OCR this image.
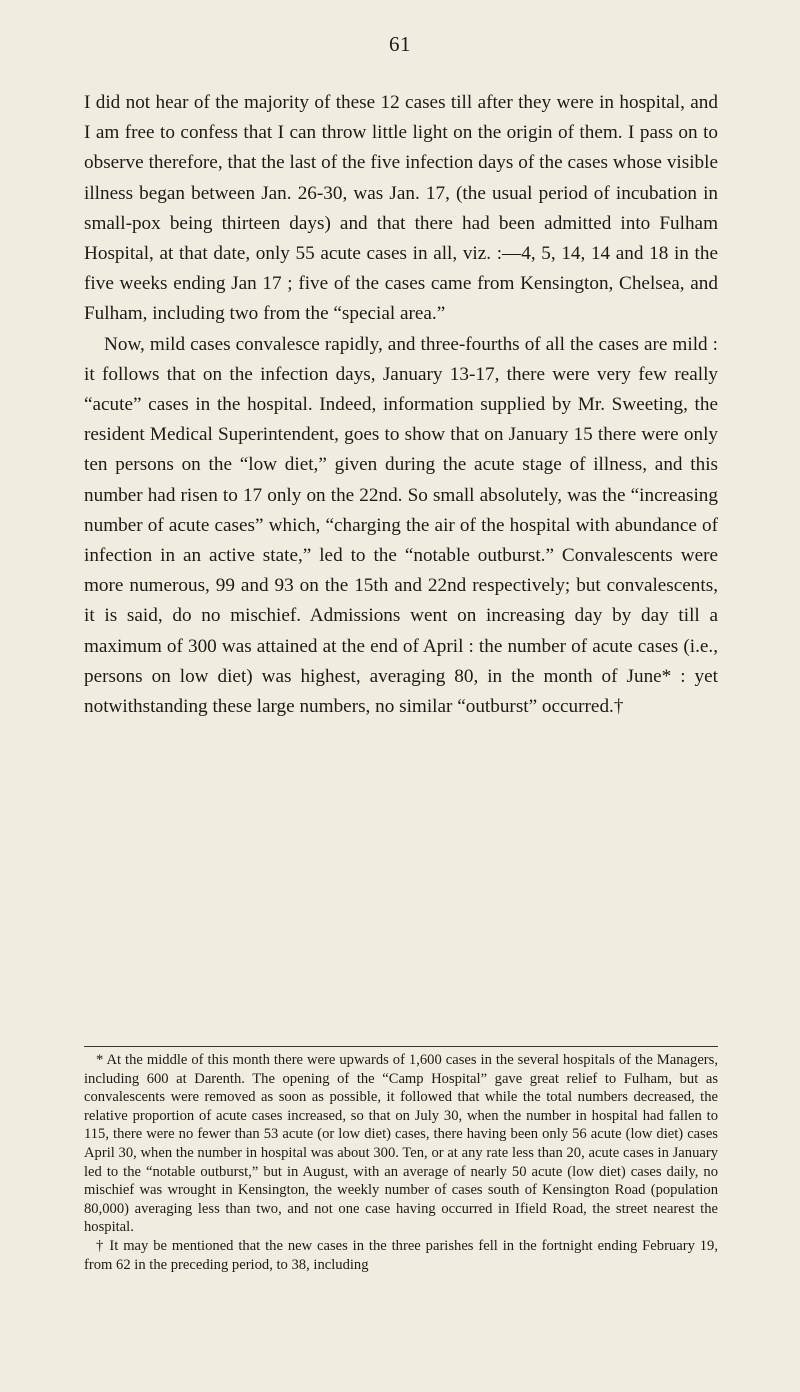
61

I did not hear of the majority of these 12 cases till after they were in hospital, and I am free to confess that I can throw little light on the origin of them. I pass on to observe therefore, that the last of the five infection days of the cases whose visible illness began between Jan. 26-30, was Jan. 17, (the usual period of incubation in small-pox being thirteen days) and that there had been admitted into Fulham Hospital, at that date, only 55 acute cases in all, viz. :—4, 5, 14, 14 and 18 in the five weeks ending Jan 17 ; five of the cases came from Kensington, Chelsea, and Fulham, including two from the “special area.”

Now, mild cases convalesce rapidly, and three-fourths of all the cases are mild : it follows that on the infection days, January 13-17, there were very few really “acute” cases in the hospital. Indeed, information supplied by Mr. Sweeting, the resident Medical Superintendent, goes to show that on January 15 there were only ten persons on the “low diet,” given during the acute stage of illness, and this number had risen to 17 only on the 22nd. So small absolutely, was the “increasing number of acute cases” which, “charging the air of the hospital with abundance of infection in an active state,” led to the “notable outburst.” Convalescents were more numerous, 99 and 93 on the 15th and 22nd respectively; but convalescents, it is said, do no mischief. Admissions went on increasing day by day till a maximum of 300 was attained at the end of April : the number of acute cases (i.e., persons on low diet) was highest, averaging 80, in the month of June* : yet notwithstanding these large numbers, no similar “outburst” occurred.†

* At the middle of this month there were upwards of 1,600 cases in the several hospitals of the Managers, including 600 at Darenth. The opening of the “Camp Hospital” gave great relief to Fulham, but as convalescents were removed as soon as possible, it followed that while the total numbers decreased, the relative proportion of acute cases increased, so that on July 30, when the number in hospital had fallen to 115, there were no fewer than 53 acute (or low diet) cases, there having been only 56 acute (low diet) cases April 30, when the number in hospital was about 300. Ten, or at any rate less than 20, acute cases in January led to the “notable outburst,” but in August, with an average of nearly 50 acute (low diet) cases daily, no mischief was wrought in Kensington, the weekly number of cases south of Kensington Road (population 80,000) averaging less than two, and not one case having occurred in Ifield Road, the street nearest the hospital.

† It may be mentioned that the new cases in the three parishes fell in the fortnight ending February 19, from 62 in the preceding period, to 38, including
